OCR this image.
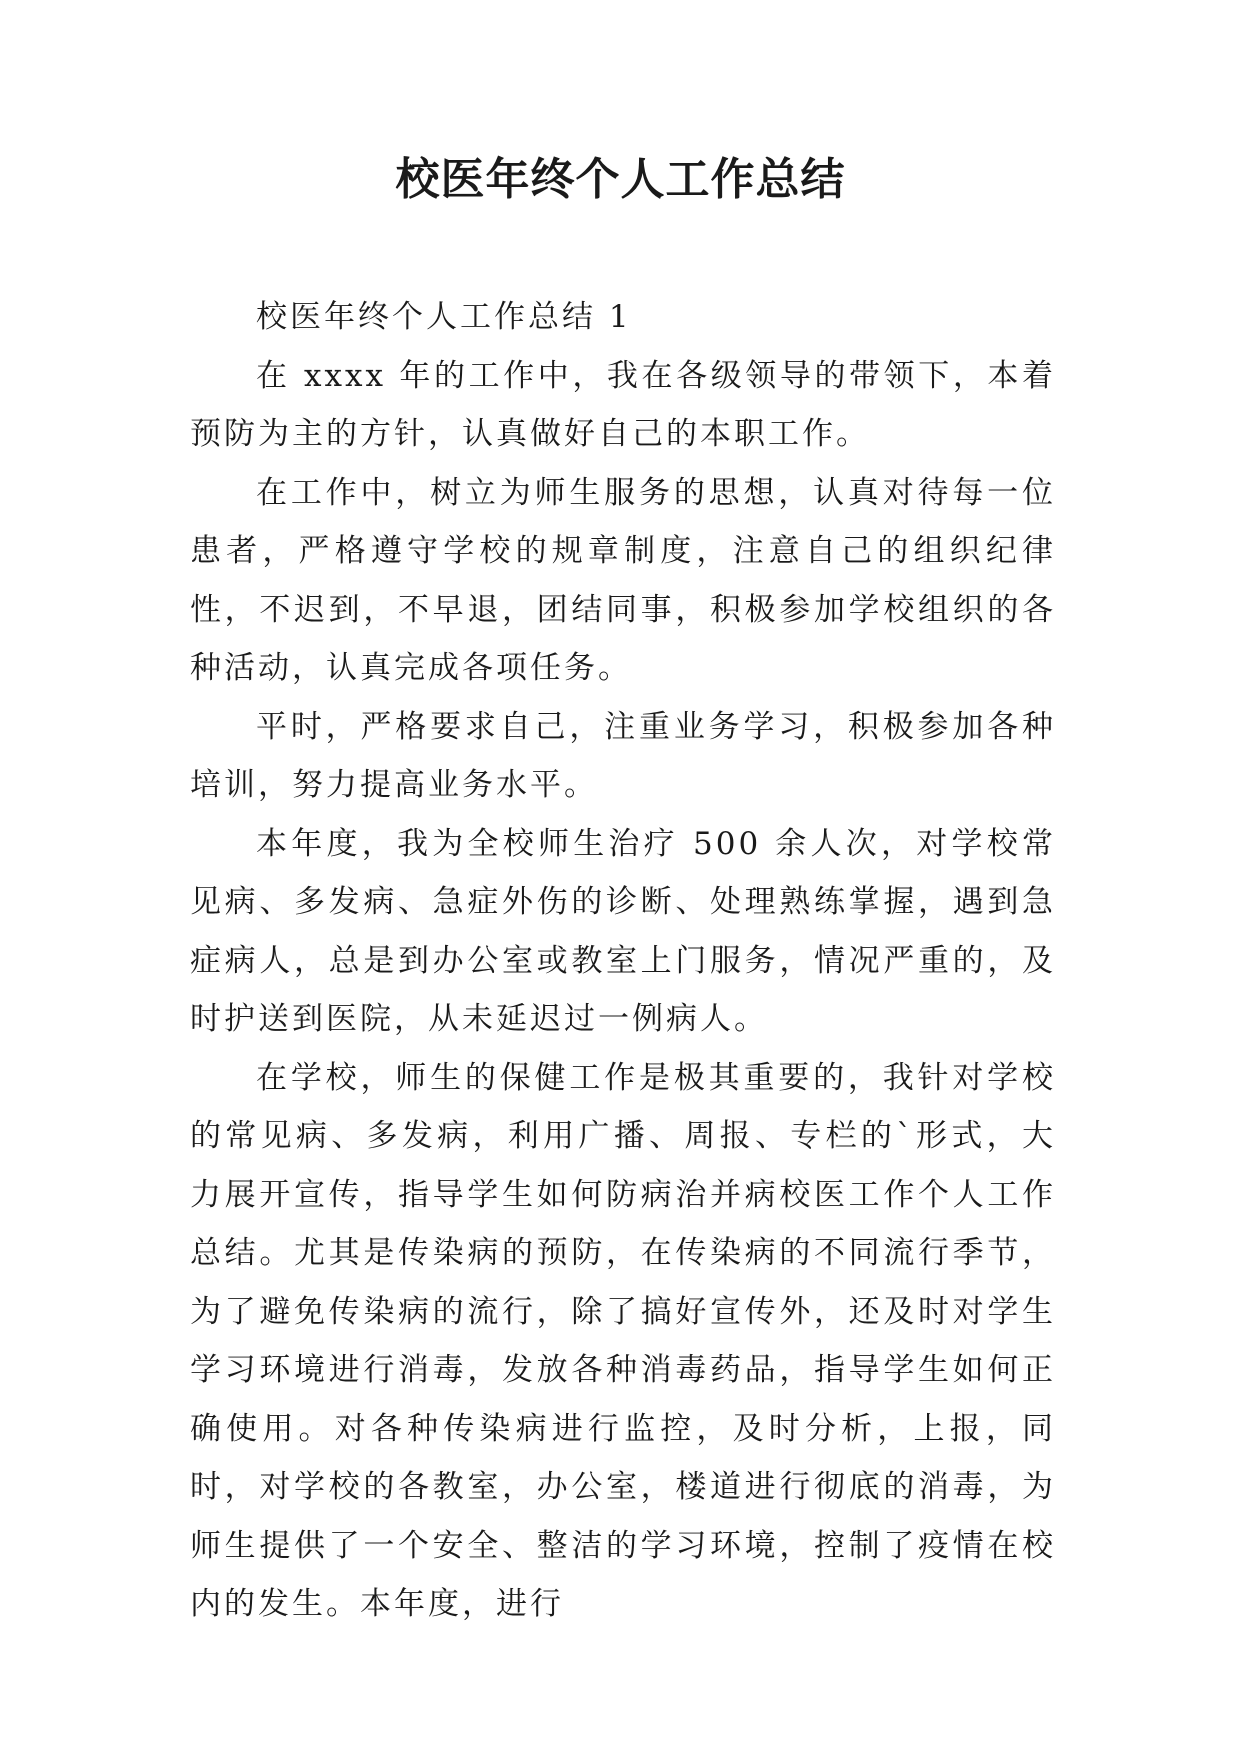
校医年终个人工作总结

校医年终个人工作总结 1

在 xxxx 年的工作中，我在各级领导的带领下，本着预防为主的方针，认真做好自己的本职工作。

在工作中，树立为师生服务的思想，认真对待每一位患者，严格遵守学校的规章制度，注意自己的组织纪律性，不迟到，不早退，团结同事，积极参加学校组织的各种活动，认真完成各项任务。

平时，严格要求自己，注重业务学习，积极参加各种培训，努力提高业务水平。

本年度，我为全校师生治疗 500 余人次，对学校常见病、多发病、急症外伤的诊断、处理熟练掌握，遇到急症病人，总是到办公室或教室上门服务，情况严重的，及时护送到医院，从未延迟过一例病人。

在学校，师生的保健工作是极其重要的，我针对学校的常见病、多发病，利用广播、周报、专栏的`形式，大力展开宣传，指导学生如何防病治并病校医工作个人工作总结。尤其是传染病的预防，在传染病的不同流行季节，为了避免传染病的流行，除了搞好宣传外，还及时对学生学习环境进行消毒，发放各种消毒药品，指导学生如何正确使用。对各种传染病进行监控，及时分析，上报，同时，对学校的各教室，办公室，楼道进行彻底的消毒，为师生提供了一个安全、整洁的学习环境，控制了疫情在校内的发生。本年度，进行
